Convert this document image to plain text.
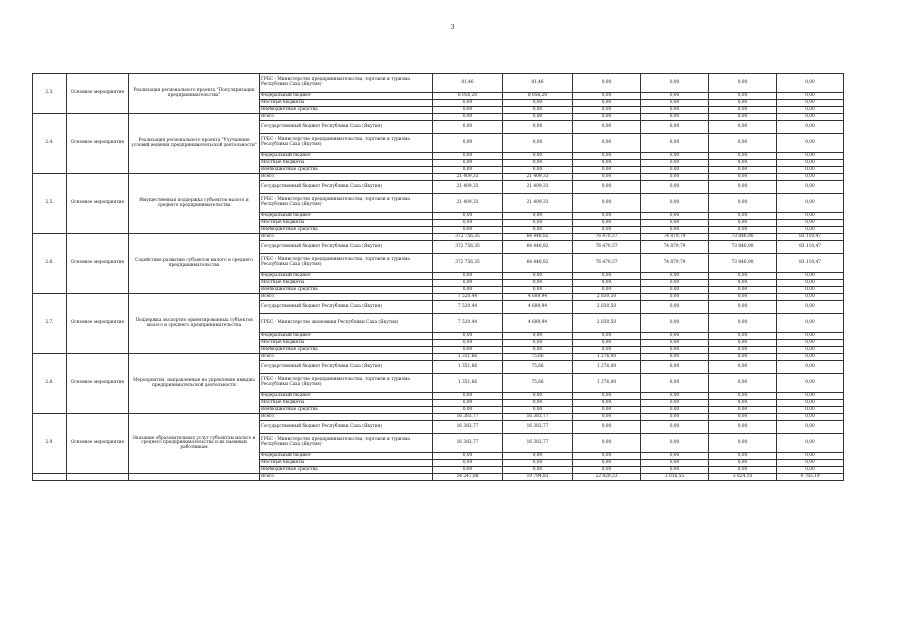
3
2.3.	Основное мероприятие	Реализация регионального проекта "Популяризация предпринимательства"	ГРБС - Министерство предпринимательства, торговли и туризма Республики Саха (Якутия)	81,46	81,46	0,00	0,00	0,00	0,00
			Федеральный бюджет	8 056,20	8 056,20	0,00	0,00	0,00	0,00
			Местные бюджеты	0,00	0,00	0,00	0,00	0,00	0,00
			Внебюджетные средства	0,00	0,00	0,00	0,00	0,00	0,00
2.4.	Основное мероприятие	Реализация регионального проекта "Улучшение условий ведения предпринимательской деятельности"	Всего	0,00	0,00	0,00	0,00	0,00	0,00
			Государственный бюджет Республики Саха (Якутия)	0,00	0,00	0,00	0,00	0,00	0,00
			ГРБС - Министерство предпринимательства, торговли и туризма Республики Саха (Якутия)	0,00	0,00	0,00	0,00	0,00	0,00
			Федеральный бюджет	0,00	0,00	0,00	0,00	0,00	0,00
			Местные бюджеты	0,00	0,00	0,00	0,00	0,00	0,00
			Внебюджетные средства	0,00	0,00	0,00	0,00	0,00	0,00
2.5.	Основное мероприятие	Имущественная поддержка субъектов малого и среднего предпринимательства	Всего	21 409,33	21 409,33	0,00	0,00	0,00	0,00
			Государственный бюджет Республики Саха (Якутия)	21 409,33	21 409,33	0,00	0,00	0,00	0,00
			ГРБС - Министерство предпринимательства, торговли и туризма Республики Саха (Якутия)	21 409,33	21 409,33	0,00	0,00	0,00	0,00
			Федеральный бюджет	0,00	0,00	0,00	0,00	0,00	0,00
			Местные бюджеты	0,00	0,00	0,00	0,00	0,00	0,00
			Внебюджетные средства	0,00	0,00	0,00	0,00	0,00	0,00
2.6.	Основное мероприятие	Содействие развитию субъектов малого и среднего предпринимательства	Всего	372 756,35	64 448,82	76 470,37	74 879,79	73 846,90	83 110,47
			Государственный бюджет Республики Саха (Якутия)	372 756,35	64 448,82	76 470,37	74 879,79	73 846,90	83 110,47
			ГРБС - Министерство предпринимательства, торговли и туризма Республики Саха (Якутия)	372 756,35	64 448,82	76 470,37	74 879,79	73 846,90	83 110,47
			Федеральный бюджет	0,00	0,00	0,00	0,00	0,00	0,00
			Местные бюджеты	0,00	0,00	0,00	0,00	0,00	0,00
			Внебюджетные средства	0,00	0,00	0,00	0,00	0,00	0,00
2.7.	Основное мероприятие	Поддержка экспортно ориентированных субъектов малого и среднего предпринимательства	Всего	7 520,44	4 689,94	2 830,50	0,00	0,00	0,00
			Государственный бюджет Республики Саха (Якутия)	7 520,44	4 689,94	2 830,50	0,00	0,00	0,00
			ГРБС - Министерство экономики Республики Саха (Якутия)	7 520,44	4 689,94	2 830,50	0,00	0,00	0,00
			Федеральный бюджет	0,00	0,00	0,00	0,00	0,00	0,00
			Местные бюджеты	0,00	0,00	0,00	0,00	0,00	0,00
			Внебюджетные средства	0,00	0,00	0,00	0,00	0,00	0,00
2.8.	Основное мероприятие	Мероприятия, направленные на укрепление имиджа предпринимательской деятельности	Всего	1 351,66	75,66	1 276,00	0,00	0,00	0,00
			Государственный бюджет Республики Саха (Якутия)	1 351,66	75,66	1 276,00	0,00	0,00	0,00
			ГРБС - Министерство предпринимательства, торговли и туризма Республики Саха (Якутия)	1 351,66	75,66	1 276,00	0,00	0,00	0,00
			Федеральный бюджет	0,00	0,00	0,00	0,00	0,00	0,00
			Местные бюджеты	0,00	0,00	0,00	0,00	0,00	0,00
			Внебюджетные средства	0,00	0,00	0,00	0,00	0,00	0,00
2.9.	Основное мероприятие	Оказание образовательных услуг субъектам малого и среднего предпринимательства и их наемным работникам	Всего	16 383,77	16 383,77	0,00	0,00	0,00	0,00
			Государственный бюджет Республики Саха (Якутия)	16 383,77	16 383,77	0,00	0,00	0,00	0,00
			ГРБС - Министерство предпринимательства, торговли и туризма Республики Саха (Якутия)	16 383,77	16 383,77	0,00	0,00	0,00	0,00
			Федеральный бюджет	0,00	0,00	0,00	0,00	0,00	0,00
			Местные бюджеты	0,00	0,00	0,00	0,00	0,00	0,00
			Внебюджетные средства	0,00	0,00	0,00	0,00	0,00	0,00
			Всего	54 247,88	19 794,81	22 829,23	3 016,55	3 824,10	4 783,19
